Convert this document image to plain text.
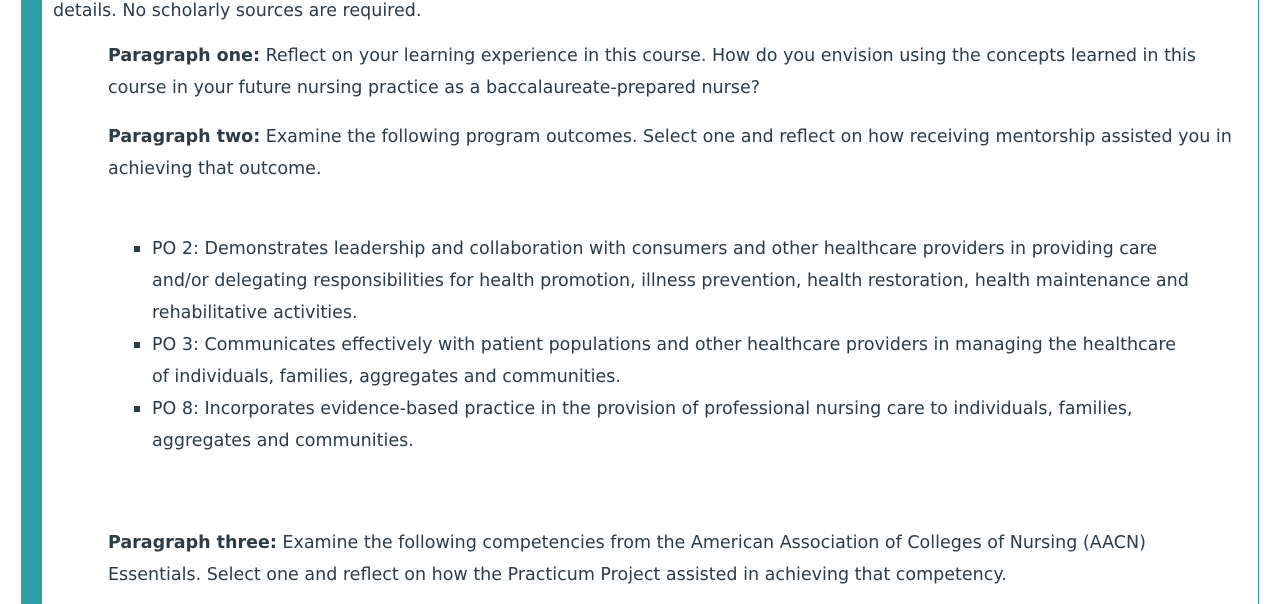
details. No scholarly sources are required.

Paragraph one: Reflect on your learning experience in this course. How do you envision using the concepts learned in this course in your future nursing practice as a baccalaureate-prepared nurse?

Paragraph two: Examine the following program outcomes. Select one and reflect on how receiving mentorship assisted you in achieving that outcome.

PO 2: Demonstrates leadership and collaboration with consumers and other healthcare providers in providing care and/or delegating responsibilities for health promotion, illness prevention, health restoration, health maintenance and rehabilitative activities.
PO 3: Communicates effectively with patient populations and other healthcare providers in managing the healthcare of individuals, families, aggregates and communities.
PO 8: Incorporates evidence-based practice in the provision of professional nursing care to individuals, families, aggregates and communities.

Paragraph three: Examine the following competencies from the American Association of Colleges of Nursing (AACN) Essentials. Select one and reflect on how the Practicum Project assisted in achieving that competency.
